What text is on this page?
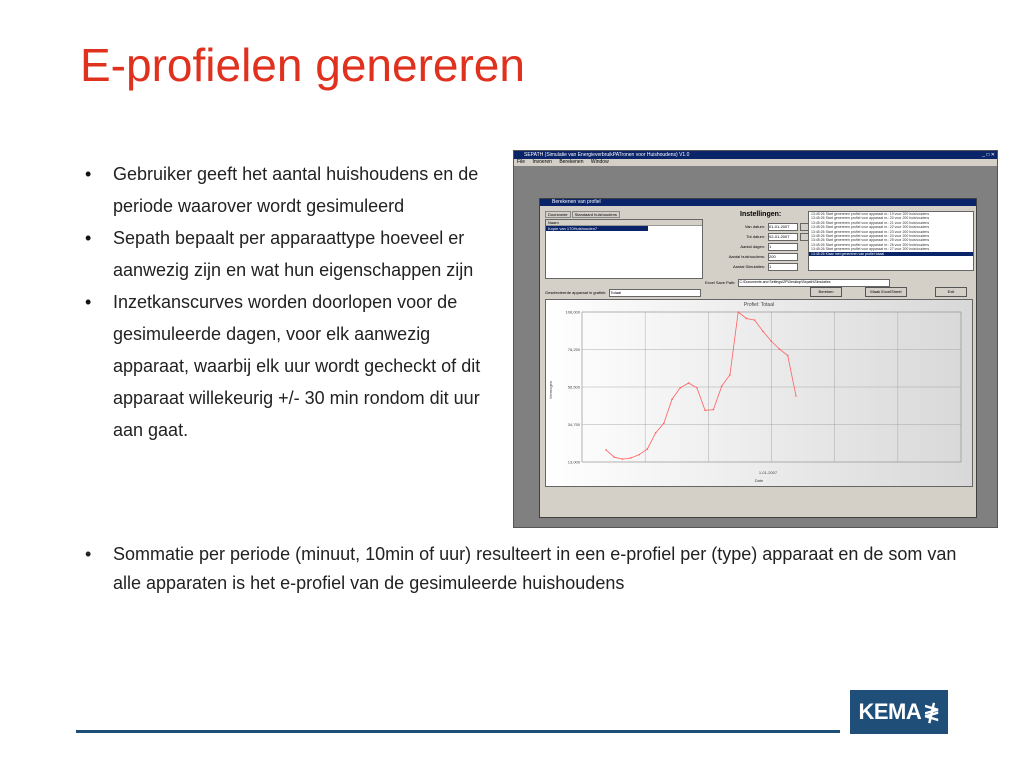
E-profielen genereren
• Gebruiker geeft het aantal huishoudens en de periode waarover wordt gesimuleerd
• Sepath bepaalt per apparaattype hoeveel er aanwezig zijn en wat hun eigenschappen zijn
• Inzetkanscurves worden doorlopen voor de gesimuleerde dagen, voor elk aanwezig apparaat, waarbij elk uur wordt gecheckt of dit apparaat willekeurig +/- 30 min rondom dit uur aan gaat.
• Sommatie per periode (minuut, 10min of uur) resulteert in een e-profiel per (type) apparaat en de som van alle apparaten is het e-profiel van de gesimuleerde huishoudens
SEPATH (Simulatie van EnergieverbruikPATronen voor Huishoudens) V1.0	_ □ ✕
File Invoeren Berekenen Window
Berekenen van profiel
Doorsnede Standaard huishoudens
Naam
Kopie van 170Huishouden7
Instellingen:
Van datum: 01-01-2007
Tot datum: 02-01-2007
Aantal dagen: 1
Aantal huishoudens: 200
Aantal Simulaties: 1
13:45:26 Start genereren profiel voor apparaat nr.: 19 voor 200 huishoudens
13:45:26 Start genereren profiel voor apparaat nr.: 20 voor 200 huishoudens
13:45:26 Start genereren profiel voor apparaat nr.: 21 voor 200 huishoudens
13:45:26 Start genereren profiel voor apparaat nr.: 22 voor 200 huishoudens
13:45:26 Start genereren profiel voor apparaat nr.: 23 voor 200 huishoudens
13:45:26 Start genereren profiel voor apparaat nr.: 24 voor 200 huishoudens
13:45:26 Start genereren profiel voor apparaat nr.: 25 voor 200 huishoudens
13:45:26 Start genereren profiel voor apparaat nr.: 26 voor 200 huishoudens
13:45:26 Start genereren profiel voor apparaat nr.: 27 voor 200 huishoudens
13:45:26 Klaar met genereren van profiel totaal
Excel Save Path: C:\Documents and Settings\ZP\Desktop\Sepath\Simulaties
Geselecteerde apparaat in grafiek: Totaal	Bereken	Maak ExcelSheet	Exit
Profiel: Totaal
Date
Vermogen
1-01-2007
106,000
78,250
56,500
34,750
13,000
KEMA ≹
